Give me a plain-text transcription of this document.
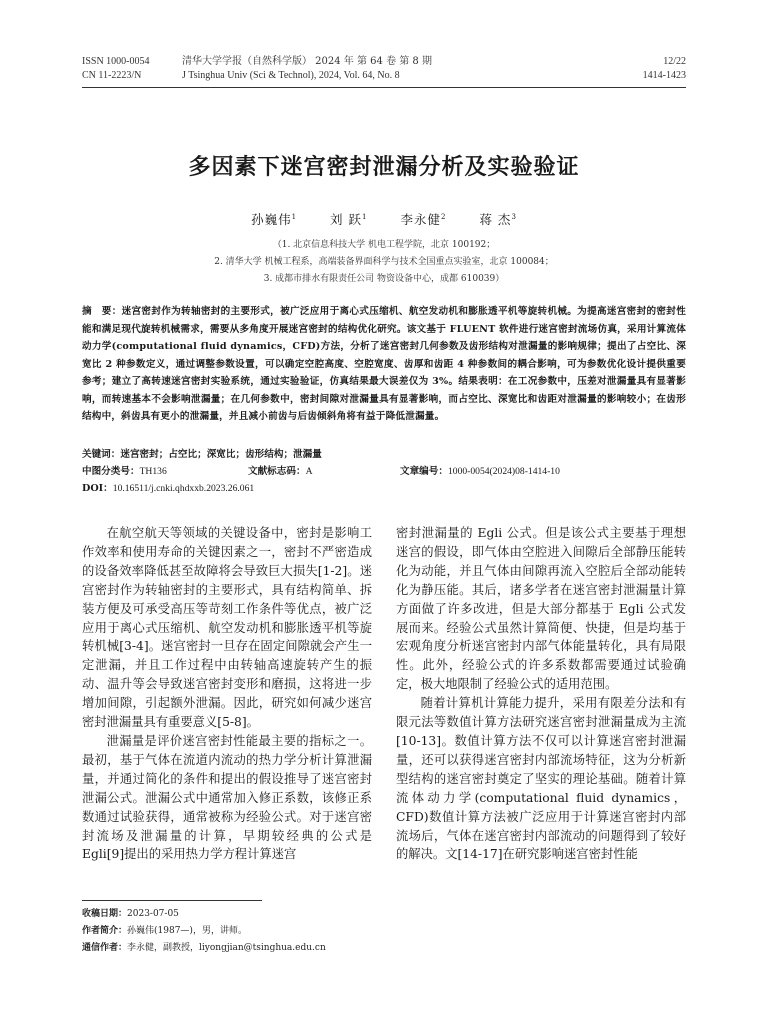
ISSN 1000-0054
CN 11-2223/N
清华大学学报（自然科学版） 2024 年 第 64 卷 第 8 期
J Tsinghua Univ (Sci & Technol), 2024, Vol. 64, No. 8
12/22
1414-1423
多因素下迷宫密封泄漏分析及实验验证
孙巍伟$^1$	刘 跃$^1$	李永健$^2$	蒋 杰$^3$
（1. 北京信息科技大学 机电工程学院，北京 100192；
2. 清华大学 机械工程系，高端装备界面科学与技术全国重点实验室，北京 100084；
3. 成都市排水有限责任公司 物资设备中心，成都 610039）
摘　要：迷宫密封作为转轴密封的主要形式，被广泛应用于离心式压缩机、航空发动机和膨胀透平机等旋转机械。为提高迷宫密封的密封性能和满足现代旋转机械需求，需要从多角度开展迷宫密封的结构优化研究。该文基于 FLUENT 软件进行迷宫密封流场仿真，采用计算流体动力学(computational fluid dynamics，CFD)方法，分析了迷宫密封几何参数及齿形结构对泄漏量的影响规律；提出了占空比、深宽比 2 种参数定义，通过调整参数设置，可以确定空腔高度、空腔宽度、齿厚和齿距 4 种参数间的耦合影响，可为参数优化设计提供重要参考；建立了高转速迷宫密封实验系统，通过实验验证，仿真结果最大误差仅为 3%。结果表明：在工况参数中，压差对泄漏量具有显著影响，而转速基本不会影响泄漏量；在几何参数中，密封间隙对泄漏量具有显著影响，而占空比、深宽比和齿距对泄漏量的影响较小；在齿形结构中，斜齿具有更小的泄漏量，并且减小前齿与后齿倾斜角将有益于降低泄漏量。
关键词：迷宫密封；占空比；深宽比；齿形结构；泄漏量
中图分类号：TH136	文献标志码：A	文章编号：1000-0054(2024)08-1414-10
DOI：10.16511/j.cnki.qhdxxb.2023.26.061

在航空航天等领域的关键设备中，密封是影响工作效率和使用寿命的关键因素之一，密封不严密造成的设备效率降低甚至故障将会导致巨大损失[1-2]。迷宫密封作为转轴密封的主要形式，具有结构简单、拆装方便及可承受高压等苛刻工作条件等优点，被广泛应用于离心式压缩机、航空发动机和膨胀透平机等旋转机械[3-4]。迷宫密封一旦存在固定间隙就会产生一定泄漏，并且工作过程中由转轴高速旋转产生的振动、温升等会导致迷宫密封变形和磨损，这将进一步增加间隙，引起额外泄漏。因此，研究如何减少迷宫密封泄漏量具有重要意义[5-8]。

泄漏量是评价迷宫密封性能最主要的指标之一。最初，基于气体在流道内流动的热力学分析计算泄漏量，并通过简化的条件和提出的假设推导了迷宫密封泄漏公式。泄漏公式中通常加入修正系数，该修正系数通过试验获得，通常被称为经验公式。对于迷宫密封流场及泄漏量的计算，早期较经典的公式是 Egli[9]提出的采用热力学方程计算迷宫

密封泄漏量的 Egli 公式。但是该公式主要基于理想迷宫的假设，即气体由空腔进入间隙后全部静压能转化为动能，并且气体由间隙再流入空腔后全部动能转化为静压能。其后，诸多学者在迷宫密封泄漏量计算方面做了许多改进，但是大部分都基于 Egli 公式发展而来。经验公式虽然计算简便、快捷，但是均基于宏观角度分析迷宫密封内部气体能量转化，具有局限性。此外，经验公式的许多系数都需要通过试验确定，极大地限制了经验公式的适用范围。

随着计算机计算能力提升，采用有限差分法和有限元法等数值计算方法研究迷宫密封泄漏量成为主流[10-13]。数值计算方法不仅可以计算迷宫密封泄漏量，还可以获得迷宫密封内部流场特征，这为分析新型结构的迷宫密封奠定了坚实的理论基础。随着计算流体动力学(computational fluid dynamics，CFD)数值计算方法被广泛应用于计算迷宫密封内部流场后，气体在迷宫密封内部流动的问题得到了较好的解决。文[14-17]在研究影响迷宫密封性能

收稿日期：2023-07-05
作者简介：孙巍伟(1987—)，男，讲师。
通信作者：李永健，副教授，liyongjian@tsinghua.edu.cn
